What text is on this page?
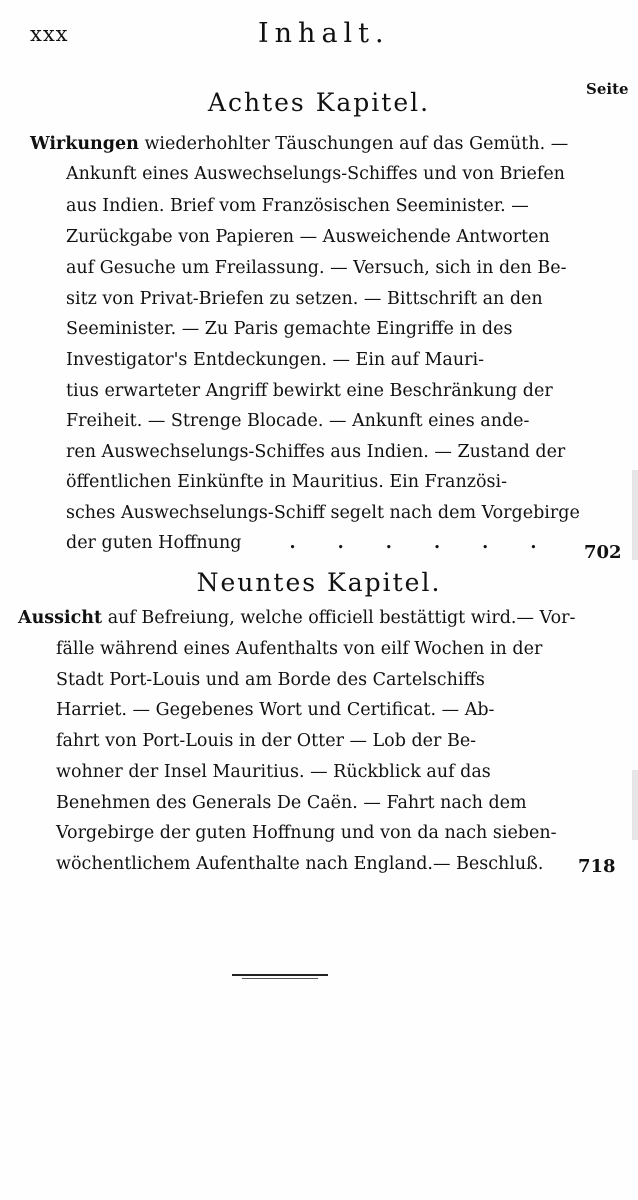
xxx	Inhalt.
Seite
Achtes Kapitel.
Wirkungen wiederhohlter Täuschungen auf das Gemüth. —
Ankunft eines Auswechselungs-Schiffes und von Briefen
aus Indien. Brief vom Französischen Seeminister. —
Zurückgabe von Papieren — Ausweichende Antworten
auf Gesuche um Freilassung. — Versuch, sich in den Be-
sitz von Privat-Briefen zu setzen. — Bittschrift an den
Seeminister. — Zu Paris gemachte Eingriffe in des
Investigator's Entdeckungen. — Ein auf Mauri-
tius erwarteter Angriff bewirkt eine Beschränkung der
Freiheit. — Strenge Blocade. — Ankunft eines ande-
ren Auswechselungs-Schiffes aus Indien. — Zustand der
öffentlichen Einkünfte in Mauritius. Ein Französi-
sches Auswechselungs-Schiff segelt nach dem Vorgebirge
der guten Hoffnung	. . . . . . 702
Neuntes Kapitel.
Aussicht auf Befreiung, welche officiell bestättigt wird.— Vor-
fälle während eines Aufenthalts von eilf Wochen in der
Stadt Port-Louis und am Borde des Cartelschiffs
Harriet. — Gegebenes Wort und Certificat. — Ab-
fahrt von Port-Louis in der Otter — Lob der Be-
wohner der Insel Mauritius. — Rückblick auf das
Benehmen des Generals De Caën. — Fahrt nach dem
Vorgebirge der guten Hoffnung und von da nach sieben-
wöchentlichem Aufenthalte nach England.— Beschluß. 718
